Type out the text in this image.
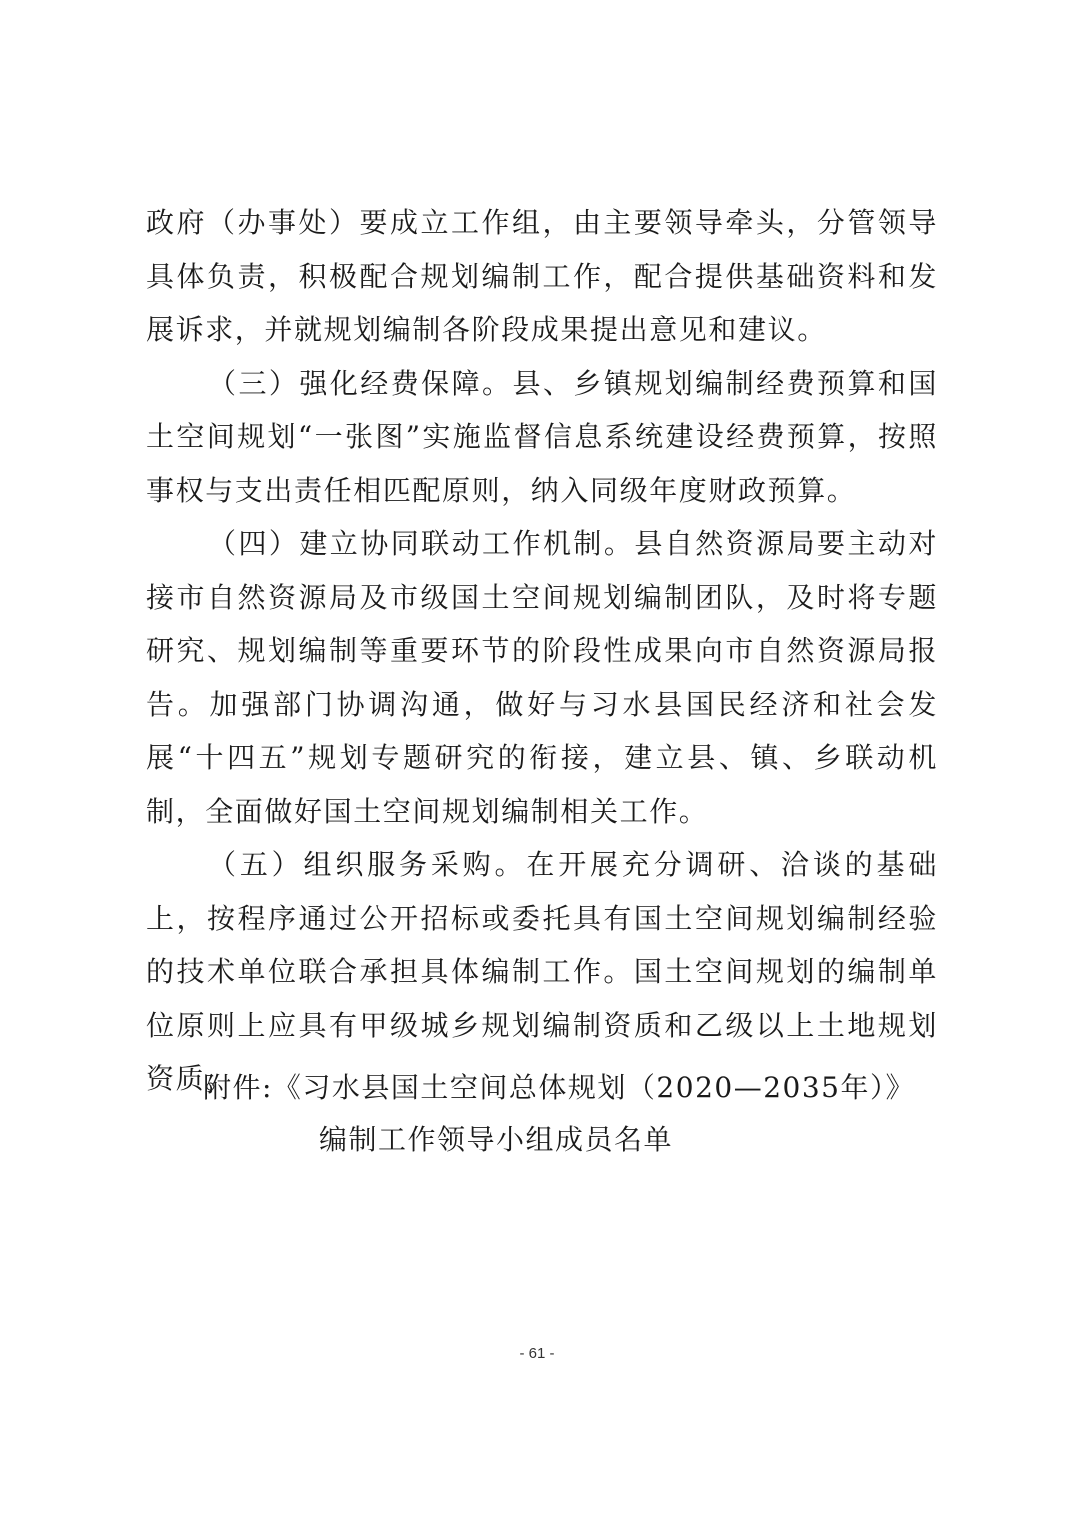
政府（办事处）要成立工作组，由主要领导牵头，分管领导具体负责，积极配合规划编制工作，配合提供基础资料和发展诉求，并就规划编制各阶段成果提出意见和建议。

（三）强化经费保障。县、乡镇规划编制经费预算和国土空间规划“一张图”实施监督信息系统建设经费预算，按照事权与支出责任相匹配原则，纳入同级年度财政预算。

（四）建立协同联动工作机制。县自然资源局要主动对接市自然资源局及市级国土空间规划编制团队，及时将专题研究、规划编制等重要环节的阶段性成果向市自然资源局报告。加强部门协调沟通，做好与习水县国民经济和社会发展“十四五”规划专题研究的衔接，建立县、镇、乡联动机制，全面做好国土空间规划编制相关工作。

（五）组织服务采购。在开展充分调研、洽谈的基础上，按程序通过公开招标或委托具有国土空间规划编制经验的技术单位联合承担具体编制工作。国土空间规划的编制单位原则上应具有甲级城乡规划编制资质和乙级以上土地规划资质。

附件:《习水县国土空间总体规划（2020—2035年）》
编制工作领导小组成员名单
- 61 -
